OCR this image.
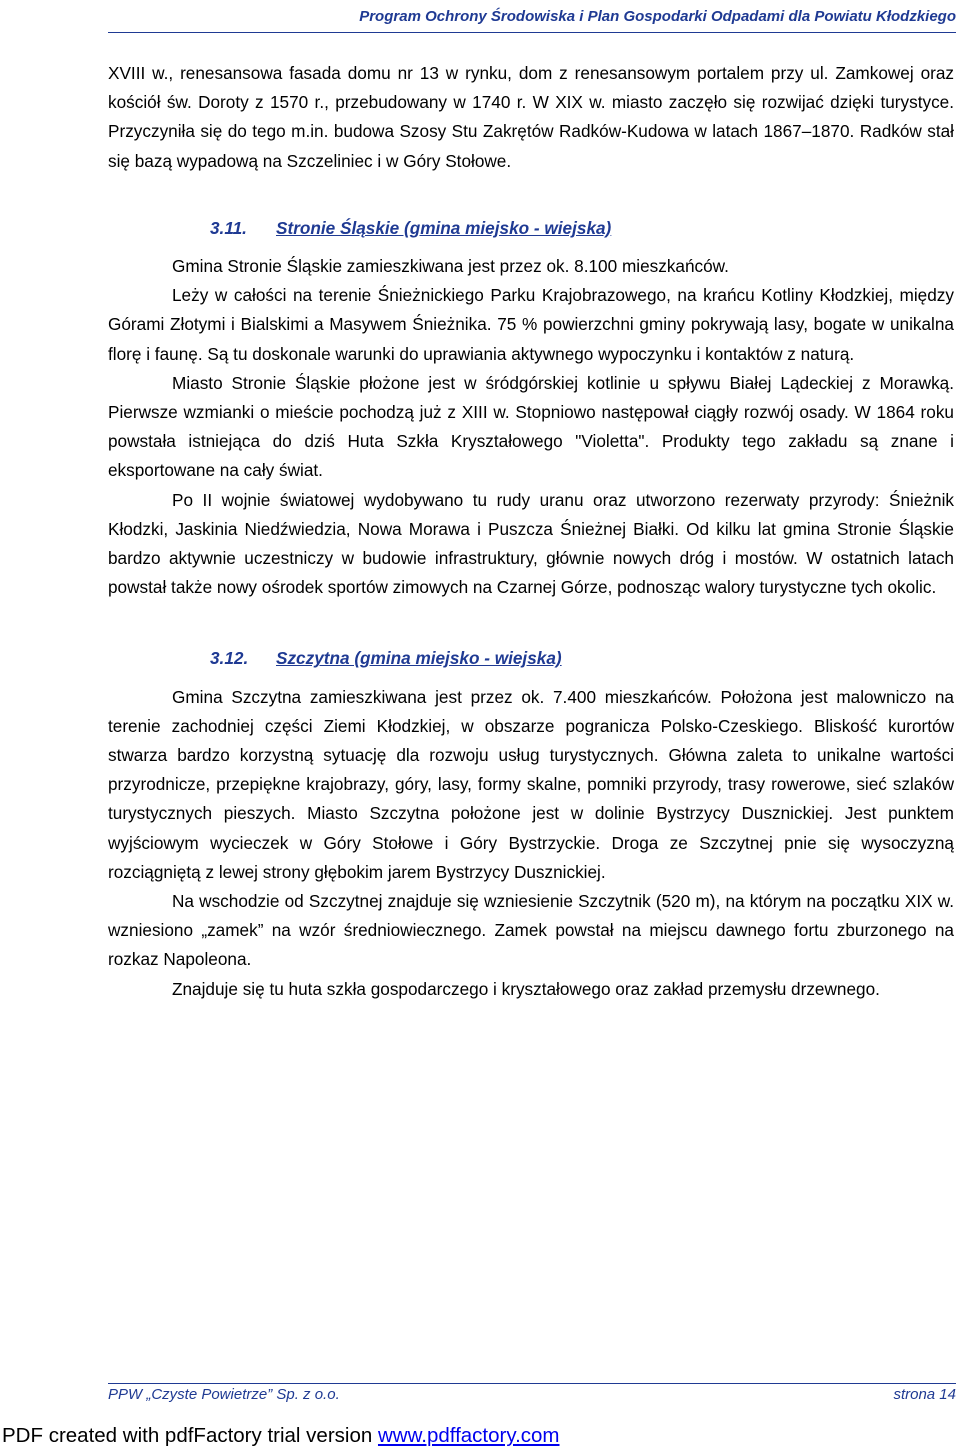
Program Ochrony Środowiska i Plan Gospodarki Odpadami dla Powiatu Kłodzkiego

XVIII w., renesansowa fasada domu nr 13 w rynku, dom z renesansowym portalem przy ul. Zamkowej oraz kościół św. Doroty z 1570 r., przebudowany w 1740 r. W XIX w. miasto zaczęło się rozwijać dzięki turystyce. Przyczyniła się do tego m.in. budowa Szosy Stu Zakrętów Radków-Kudowa w latach 1867–1870. Radków stał się bazą wypadową na Szczeliniec i w Góry Stołowe.

3.11. Stronie Śląskie (gmina miejsko - wiejska)

Gmina Stronie Śląskie zamieszkiwana jest przez ok. 8.100 mieszkańców.

Leży w całości na terenie Śnieżnickiego Parku Krajobrazowego, na krańcu Kotliny Kłodzkiej, między Górami Złotymi i Bialskimi a Masywem Śnieżnika. 75 % powierzchni gminy pokrywają lasy, bogate w unikalna florę i faunę. Są tu doskonale warunki do uprawiania aktywnego wypoczynku i kontaktów z naturą.

Miasto Stronie Śląskie płożone jest w śródgórskiej kotlinie u spływu Białej Lądeckiej z Morawką. Pierwsze wzmianki o mieście pochodzą już z XIII w. Stopniowo następował ciągły rozwój osady. W 1864 roku powstała istniejąca do dziś Huta Szkła Kryształowego "Violetta". Produkty tego zakładu są znane i eksportowane na cały świat.

Po II wojnie światowej wydobywano tu rudy uranu oraz utworzono rezerwaty przyrody: Śnieżnik Kłodzki, Jaskinia Niedźwiedzia, Nowa Morawa i Puszcza Śnieżnej Białki. Od kilku lat gmina Stronie Śląskie bardzo aktywnie uczestniczy w budowie infrastruktury, głównie nowych dróg i mostów. W ostatnich latach powstał także nowy ośrodek sportów zimowych na Czarnej Górze, podnosząc walory turystyczne tych okolic.

3.12. Szczytna (gmina miejsko - wiejska)

Gmina Szczytna zamieszkiwana jest przez ok. 7.400 mieszkańców. Położona jest malowniczo na terenie zachodniej części Ziemi Kłodzkiej, w obszarze pogranicza Polsko-Czeskiego. Bliskość kurortów stwarza bardzo korzystną sytuację dla rozwoju usług turystycznych. Główna zaleta to unikalne wartości przyrodnicze, przepiękne krajobrazy, góry, lasy, formy skalne, pomniki przyrody, trasy rowerowe, sieć szlaków turystycznych pieszych. Miasto Szczytna położone jest w dolinie Bystrzycy Dusznickiej. Jest punktem wyjściowym wycieczek w Góry Stołowe i Góry Bystrzyckie. Droga ze Szczytnej pnie się wysoczyzną rozciągniętą z lewej strony głębokim jarem Bystrzycy Dusznickiej.

Na wschodzie od Szczytnej znajduje się wzniesienie Szczytnik (520 m), na którym na początku XIX w. wzniesiono „zamek” na wzór średniowiecznego. Zamek powstał na miejscu dawnego fortu zburzonego na rozkaz Napoleona.

Znajduje się tu huta szkła gospodarczego i kryształowego oraz zakład przemysłu drzewnego.

PPW „Czyste Powietrze” Sp. z o.o.	strona 14
PDF created with pdfFactory trial version www.pdffactory.com
